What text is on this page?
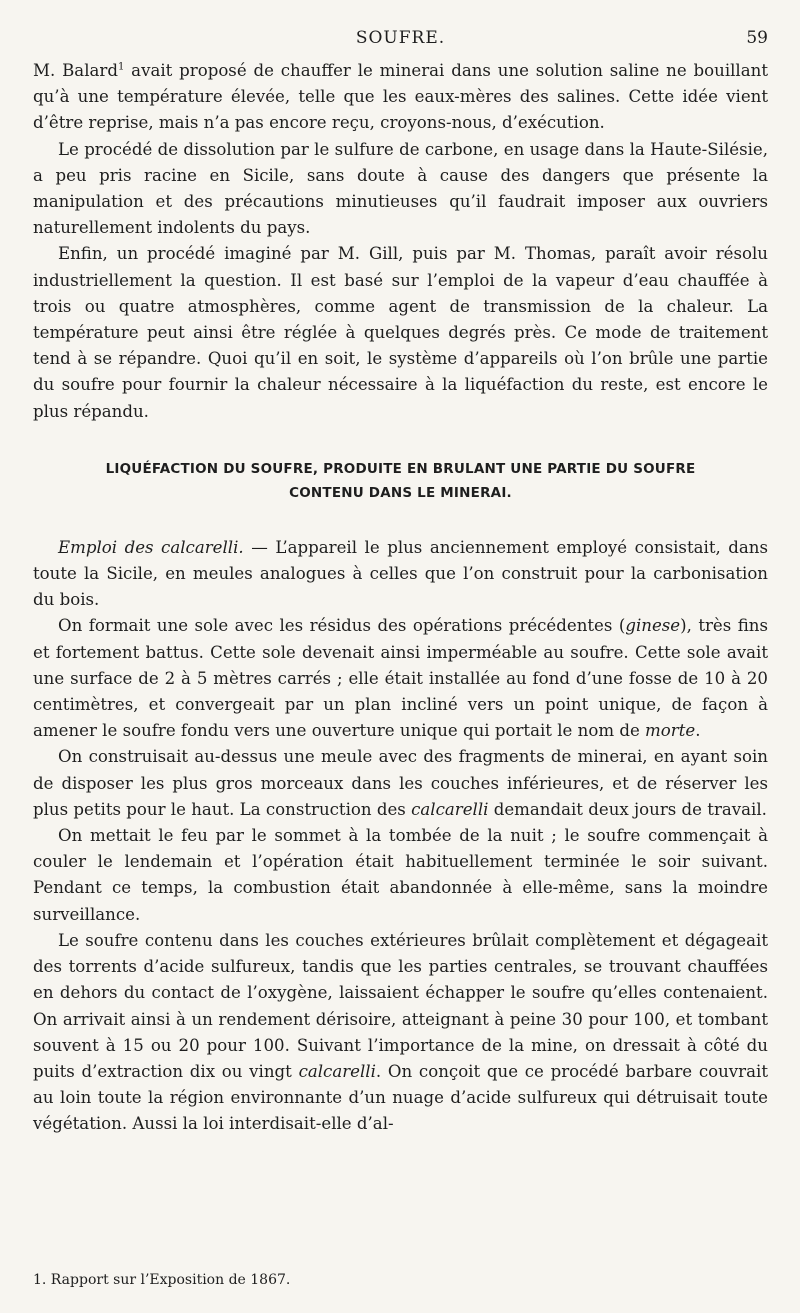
SOUFRE.	59

M. Balard$^1$ avait proposé de chauffer le minerai dans une solution saline ne bouillant qu’à une température élevée, telle que les eaux-mères des salines. Cette idée vient d’être reprise, mais n’a pas encore reçu, croyons-nous, d’exécution.

Le procédé de dissolution par le sulfure de carbone, en usage dans la Haute-Silésie, a peu pris racine en Sicile, sans doute à cause des dangers que présente la manipulation et des précautions minutieuses qu’il faudrait imposer aux ouvriers naturellement indolents du pays.

Enfin, un procédé imaginé par M. Gill, puis par M. Thomas, paraît avoir résolu industriellement la question. Il est basé sur l’emploi de la vapeur d’eau chauffée à trois ou quatre atmosphères, comme agent de transmission de la chaleur. La température peut ainsi être réglée à quelques degrés près. Ce mode de traitement tend à se répandre. Quoi qu’il en soit, le système d’appareils où l’on brûle une partie du soufre pour fournir la chaleur nécessaire à la liquéfaction du reste, est encore le plus répandu.

LIQUÉFACTION DU SOUFRE, PRODUITE EN BRULANT UNE PARTIE DU SOUFRE
CONTENU DANS LE MINERAI.

Emploi des calcarelli. — L’appareil le plus anciennement employé consistait, dans toute la Sicile, en meules analogues à celles que l’on construit pour la carbonisation du bois.

On formait une sole avec les résidus des opérations précédentes (ginese), très fins et fortement battus. Cette sole devenait ainsi imperméable au soufre. Cette sole avait une surface de 2 à 5 mètres carrés ; elle était installée au fond d’une fosse de 10 à 20 centimètres, et convergeait par un plan incliné vers un point unique, de façon à amener le soufre fondu vers une ouverture unique qui portait le nom de morte.

On construisait au-dessus une meule avec des fragments de minerai, en ayant soin de disposer les plus gros morceaux dans les couches inférieures, et de réserver les plus petits pour le haut. La construction des calcarelli demandait deux jours de travail.

On mettait le feu par le sommet à la tombée de la nuit ; le soufre commençait à couler le lendemain et l’opération était habituellement terminée le soir suivant. Pendant ce temps, la combustion était abandonnée à elle-même, sans la moindre surveillance.

Le soufre contenu dans les couches extérieures brûlait complètement et dégageait des torrents d’acide sulfureux, tandis que les parties centrales, se trouvant chauffées en dehors du contact de l’oxygène, laissaient échapper le soufre qu’elles contenaient. On arrivait ainsi à un rendement dérisoire, atteignant à peine 30 pour 100, et tombant souvent à 15 ou 20 pour 100. Suivant l’importance de la mine, on dressait à côté du puits d’extraction dix ou vingt calcarelli. On conçoit que ce procédé barbare couvrait au loin toute la région environnante d’un nuage d’acide sulfureux qui détruisait toute végétation. Aussi la loi interdisait-elle d’al-

1. Rapport sur l’Exposition de 1867.
